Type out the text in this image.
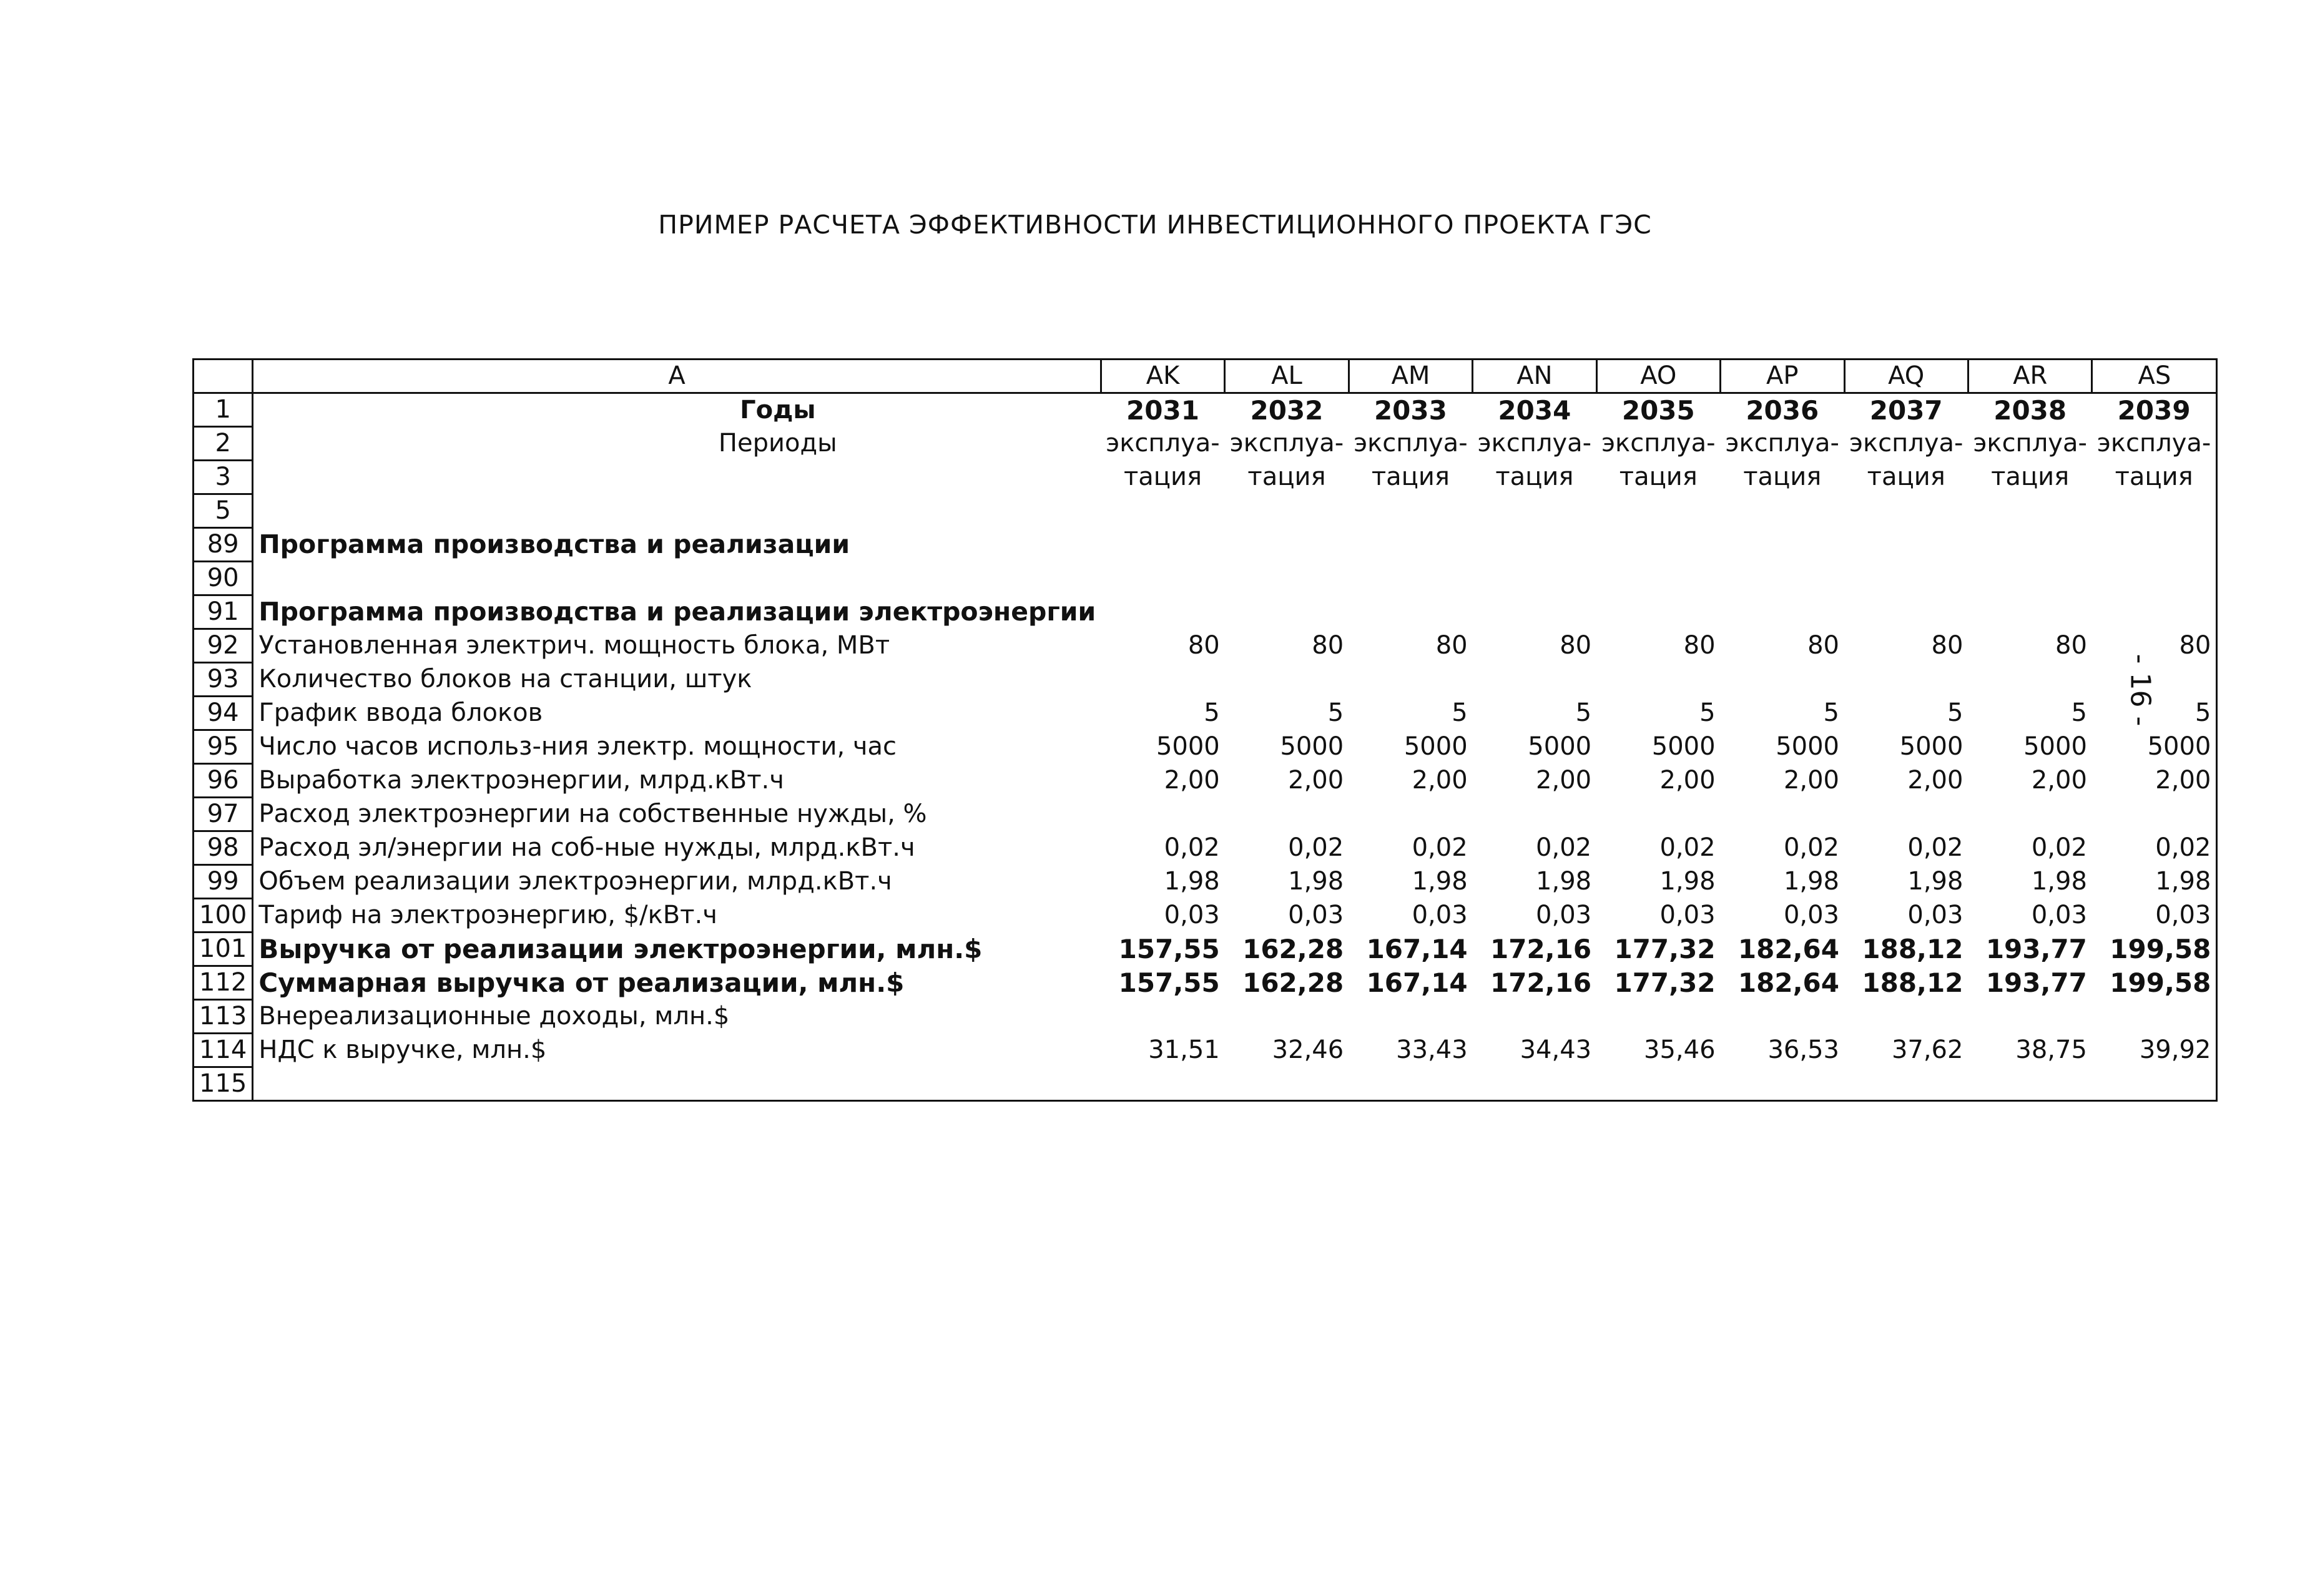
ПРИМЕР РАСЧЕТА ЭФФЕКТИВНОСТИ ИНВЕСТИЦИОННОГО ПРОЕКТА ГЭС
- 16 -
	A	AK	AL	AM	AN	AO	AP	AQ	AR	AS
1	Годы	2031	2032	2033	2034	2035	2036	2037	2038	2039
2	Периоды	эксплуа-	эксплуа-	эксплуа-	эксплуа-	эксплуа-	эксплуа-	эксплуа-	эксплуа-	эксплуа-
3		тация	тация	тация	тация	тация	тация	тация	тация	тация
5										
89	Программа производства и реализации									
90										
91	Программа производства и реализации электроэнергии									
92	Установленная электрич. мощность блока, МВт	80	80	80	80	80	80	80	80	80
93	Количество блоков на станции, штук									
94	График ввода блоков	5	5	5	5	5	5	5	5	5
95	Число часов использ-ния электр. мощности, час	5000	5000	5000	5000	5000	5000	5000	5000	5000
96	Выработка электроэнергии, млрд.кВт.ч	2,00	2,00	2,00	2,00	2,00	2,00	2,00	2,00	2,00
97	Расход электроэнергии на собственные нужды, %									
98	Расход эл/энергии на соб-ные нужды, млрд.кВт.ч	0,02	0,02	0,02	0,02	0,02	0,02	0,02	0,02	0,02
99	Объем реализации электроэнергии, млрд.кВт.ч	1,98	1,98	1,98	1,98	1,98	1,98	1,98	1,98	1,98
100	Тариф на электроэнергию, $/кВт.ч	0,03	0,03	0,03	0,03	0,03	0,03	0,03	0,03	0,03
101	Выручка от реализации электроэнергии, млн.$	157,55	162,28	167,14	172,16	177,32	182,64	188,12	193,77	199,58
112	Суммарная выручка от реализации, млн.$	157,55	162,28	167,14	172,16	177,32	182,64	188,12	193,77	199,58
113	Внереализационные доходы, млн.$									
114	НДС к выручке, млн.$	31,51	32,46	33,43	34,43	35,46	36,53	37,62	38,75	39,92
115										
